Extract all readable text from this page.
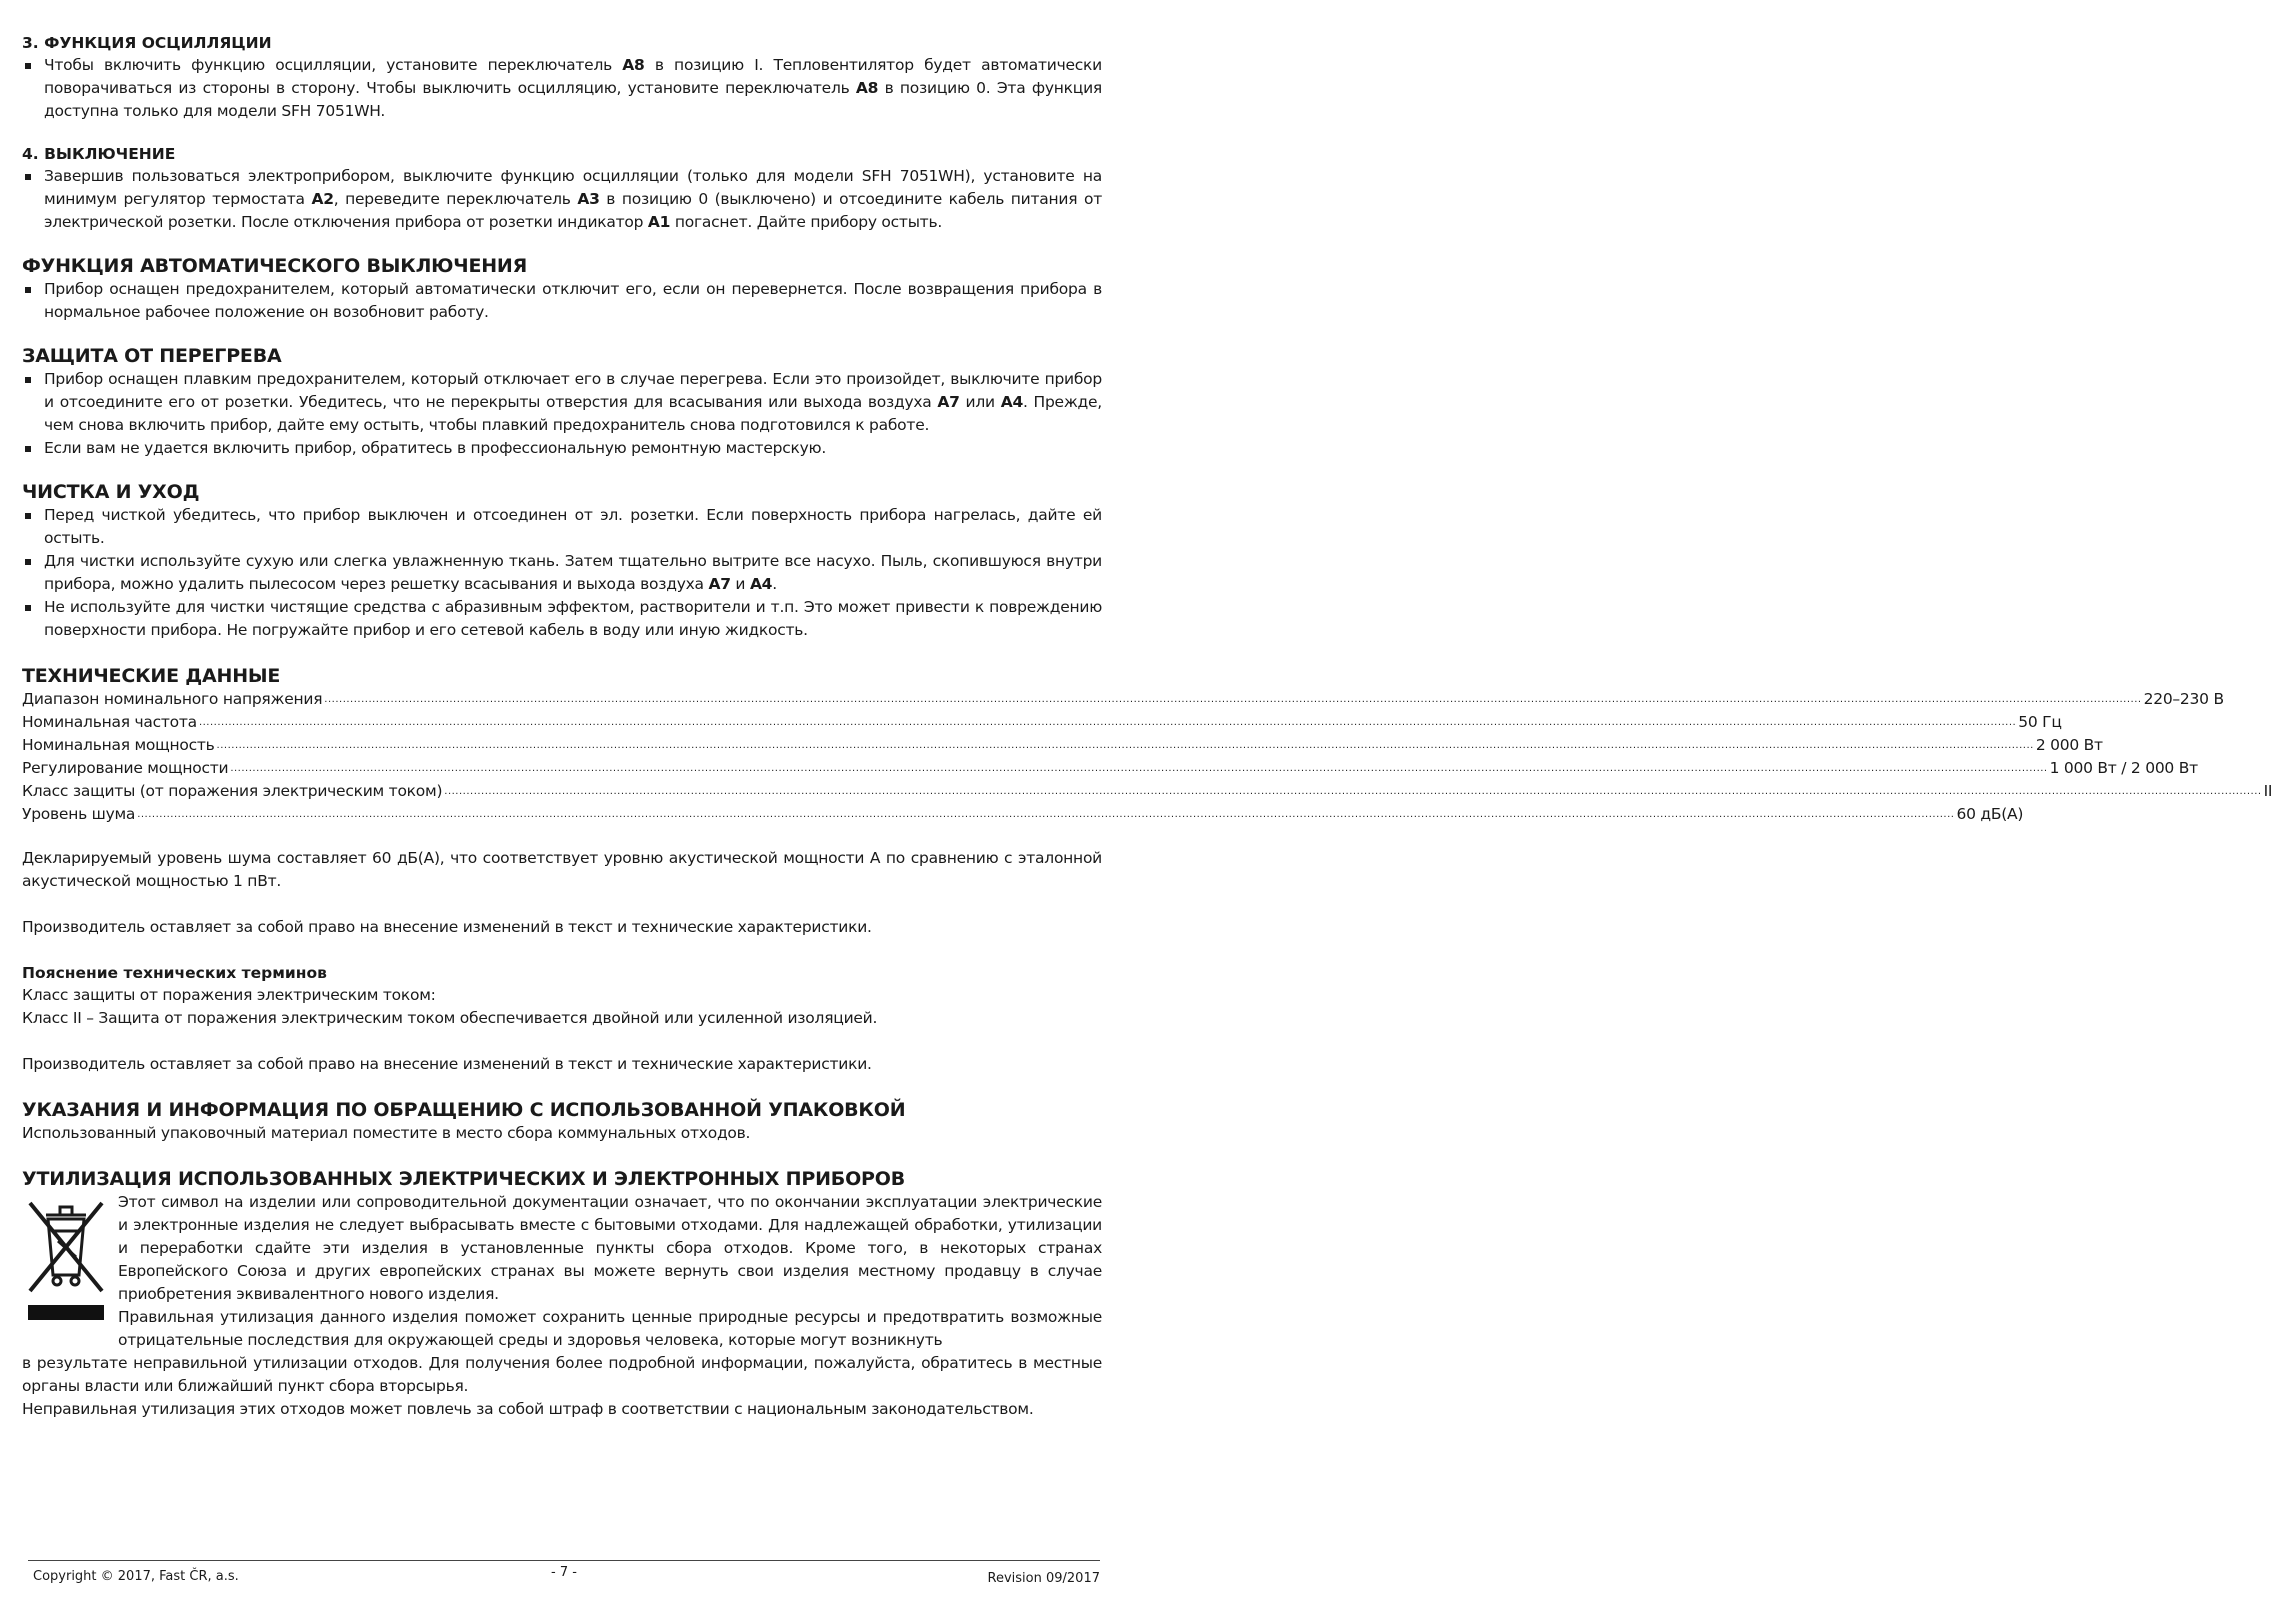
3. ФУНКЦИЯ ОСЦИЛЛЯЦИИ
Чтобы включить функцию осцилляции, установите переключатель A8 в позицию I. Тепловентилятор будет автоматически поворачиваться из стороны в сторону. Чтобы выключить осцилляцию, установите переключатель A8 в позицию 0. Эта функция доступна только для модели SFH 7051WH.
4. ВЫКЛЮЧЕНИЕ
Завершив пользоваться электроприбором, выключите функцию осцилляции (только для модели SFH 7051WH), установите на минимум регулятор термостата A2, переведите переключатель A3 в позицию 0 (выключено) и отсоедините кабель питания от электрической розетки. После отключения прибора от розетки индикатор A1 погаснет. Дайте прибору остыть.
ФУНКЦИЯ АВТОМАТИЧЕСКОГО ВЫКЛЮЧЕНИЯ
Прибор оснащен предохранителем, который автоматически отключит его, если он перевернется. После возвращения прибора в нормальное рабочее положение он возобновит работу.
ЗАЩИТА ОТ ПЕРЕГРЕВА
Прибор оснащен плавким предохранителем, который отключает его в случае перегрева. Если это произойдет, выключите прибор и отсоедините его от розетки. Убедитесь, что не перекрыты отверстия для всасывания или выхода воздуха A7 или A4. Прежде, чем снова включить прибор, дайте ему остыть, чтобы плавкий предохранитель снова подготовился к работе.
Если вам не удается включить прибор, обратитесь в профессиональную ремонтную мастерскую.
ЧИСТКА И УХОД
Перед чисткой убедитесь, что прибор выключен и отсоединен от эл. розетки. Если поверхность прибора нагрелась, дайте ей остыть.
Для чистки используйте сухую или слегка увлажненную ткань. Затем тщательно вытрите все насухо. Пыль, скопившуюся внутри прибора, можно удалить пылесосом через решетку всасывания и выхода воздуха A7 и A4.
Не используйте для чистки чистящие средства с абразивным эффектом, растворители и т.п. Это может привести к повреждению поверхности прибора. Не погружайте прибор и его сетевой кабель в воду или иную жидкость.
ТЕХНИЧЕСКИЕ ДАННЫЕ
Диапазон номинального напряжения .............................................................................................................................................................................................................................................................................................................................................................................................................................................................................................................. 220–230 В
Номинальная частота .............................................................................................................................................................................................................................................................................................................................................................................................................................................................................................................. 50 Гц
Номинальная мощность .............................................................................................................................................................................................................................................................................................................................................................................................................................................................................................................. 2 000 Вт
Регулирование мощности .............................................................................................................................................................................................................................................................................................................................................................................................................................................................................................................. 1 000 Вт / 2 000 Вт
Класс защиты (от поражения электрическим током) .............................................................................................................................................................................................................................................................................................................................................................................................................................................................................................................. II
Уровень шума .............................................................................................................................................................................................................................................................................................................................................................................................................................................................................................................. 60 дБ(A)

Декларируемый уровень шума составляет 60 дБ(A), что соответствует уровню акустической мощности A по сравнению с эталонной акустической мощностью 1 пВт.

Производитель оставляет за собой право на внесение изменений в текст и технические характеристики.

Пояснение технических терминов

Класс защиты от поражения электрическим током:

Класс II – Защита от поражения электрическим током обеспечивается двойной или усиленной изоляцией.

Производитель оставляет за собой право на внесение изменений в текст и технические характеристики.

УКАЗАНИЯ И ИНФОРМАЦИЯ ПО ОБРАЩЕНИЮ С ИСПОЛЬЗОВАННОЙ УПАКОВКОЙ

Использованный упаковочный материал поместите в место сбора коммунальных отходов.

УТИЛИЗАЦИЯ ИСПОЛЬЗОВАННЫХ ЭЛЕКТРИЧЕСКИХ И ЭЛЕКТРОННЫХ ПРИБОРОВ

Этот символ на изделии или сопроводительной документации означает, что по окончании эксплуатации электрические и электронные изделия не следует выбрасывать вместе с бытовыми отходами. Для надлежащей обработки, утилизации и переработки сдайте эти изделия в установленные пункты сбора отходов. Кроме того, в некоторых странах Европейского Союза и других европейских странах вы можете вернуть свои изделия местному продавцу в случае приобретения эквивалентного нового изделия.

Правильная утилизация данного изделия поможет сохранить ценные природные ресурсы и предотвратить возможные отрицательные последствия для окружающей среды и здоровья человека, которые могут возникнуть

в результате неправильной утилизации отходов. Для получения более подробной информации, пожалуйста, обратитесь в местные органы власти или ближайший пункт сбора вторсырья.

Неправильная утилизация этих отходов может повлечь за собой штраф в соответствии с национальным законодательством.

Copyright © 2017, Fast ČR, a.s.	- 7 -	Revision 09/2017
